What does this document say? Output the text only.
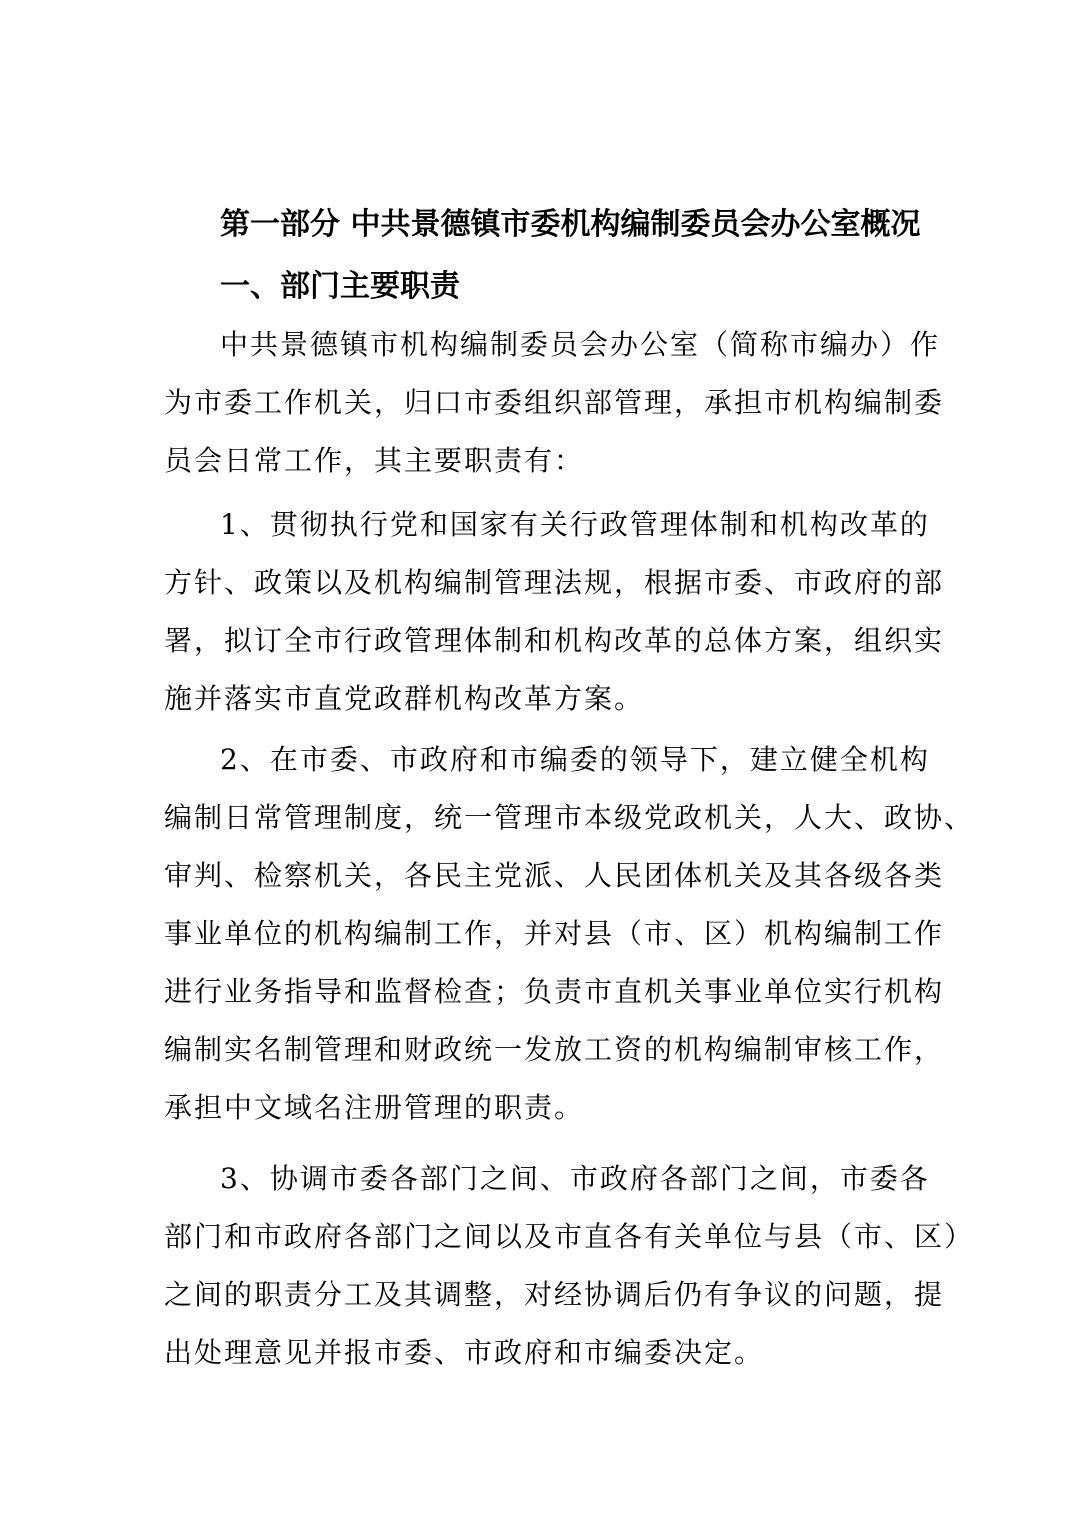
第一部分 中共景德镇市委机构编制委员会办公室概况
一、部门主要职责
中共景德镇市机构编制委员会办公室（简称市编办）作
为市委工作机关，归口市委组织部管理，承担市机构编制委
员会日常工作，其主要职责有：
1、贯彻执行党和国家有关行政管理体制和机构改革的
方针、政策以及机构编制管理法规，根据市委、市政府的部
署，拟订全市行政管理体制和机构改革的总体方案，组织实
施并落实市直党政群机构改革方案。
2、在市委、市政府和市编委的领导下，建立健全机构
编制日常管理制度，统一管理市本级党政机关，人大、政协、
审判、检察机关，各民主党派、人民团体机关及其各级各类
事业单位的机构编制工作，并对县（市、区）机构编制工作
进行业务指导和监督检查；负责市直机关事业单位实行机构
编制实名制管理和财政统一发放工资的机构编制审核工作，
承担中文域名注册管理的职责。
3、协调市委各部门之间、市政府各部门之间，市委各
部门和市政府各部门之间以及市直各有关单位与县（市、区）
之间的职责分工及其调整，对经协调后仍有争议的问题，提
出处理意见并报市委、市政府和市编委决定。
